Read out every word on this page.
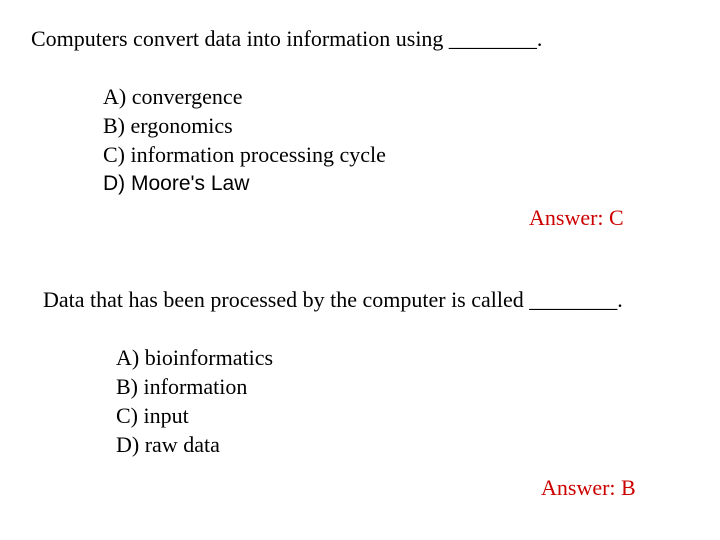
Computers convert data into information using ________.
A) convergence
B) ergonomics
C) information processing cycle
D) Moore's Law
Answer: C
Data that has been processed by the computer is called ________.
A) bioinformatics
B) information
C) input
D) raw data
Answer: B
